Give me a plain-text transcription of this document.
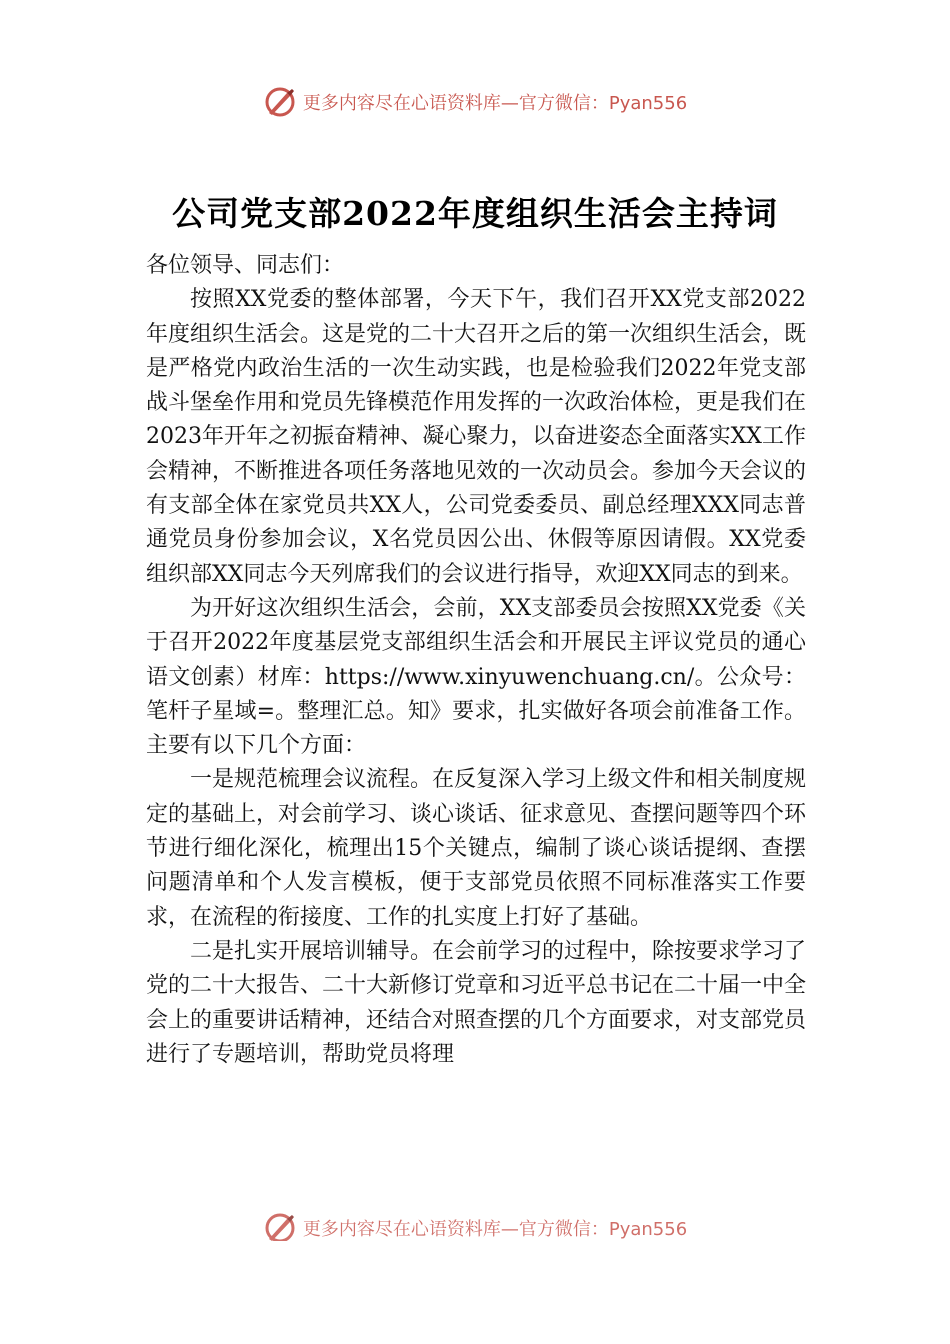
更多内容尽在心语资料库—官方微信：Pyan556
公司党支部2022年度组织生活会主持词

各位领导、同志们：

按照XX党委的整体部署，今天下午，我们召开XX党支部2022年度组织生活会。这是党的二十大召开之后的第一次组织生活会，既是严格党内政治生活的一次生动实践，也是检验我们2022年党支部战斗堡垒作用和党员先锋模范作用发挥的一次政治体检，更是我们在2023年开年之初振奋精神、凝心聚力，以奋进姿态全面落实XX工作会精神，不断推进各项任务落地见效的一次动员会。参加今天会议的有支部全体在家党员共XX人，公司党委委员、副总经理XXX同志普通党员身份参加会议，X名党员因公出、休假等原因请假。XX党委组织部XX同志今天列席我们的会议进行指导，欢迎XX同志的到来。

为开好这次组织生活会，会前，XX支部委员会按照XX党委《关于召开2022年度基层党支部组织生活会和开展民主评议党员的通心语文创素）材库：https://www.xinyuwenchuang.cn/。公众号：笔杆子星域=。整理汇总。知》要求，扎实做好各项会前准备工作。主要有以下几个方面：

一是规范梳理会议流程。在反复深入学习上级文件和相关制度规定的基础上，对会前学习、谈心谈话、征求意见、查摆问题等四个环节进行细化深化，梳理出15个关键点，编制了谈心谈话提纲、查摆问题清单和个人发言模板，便于支部党员依照不同标准落实工作要求，在流程的衔接度、工作的扎实度上打好了基础。

二是扎实开展培训辅导。在会前学习的过程中，除按要求学习了党的二十大报告、二十大新修订党章和习近平总书记在二十届一中全会上的重要讲话精神，还结合对照查摆的几个方面要求，对支部党员进行了专题培训，帮助党员将理

更多内容尽在心语资料库—官方微信：Pyan556
